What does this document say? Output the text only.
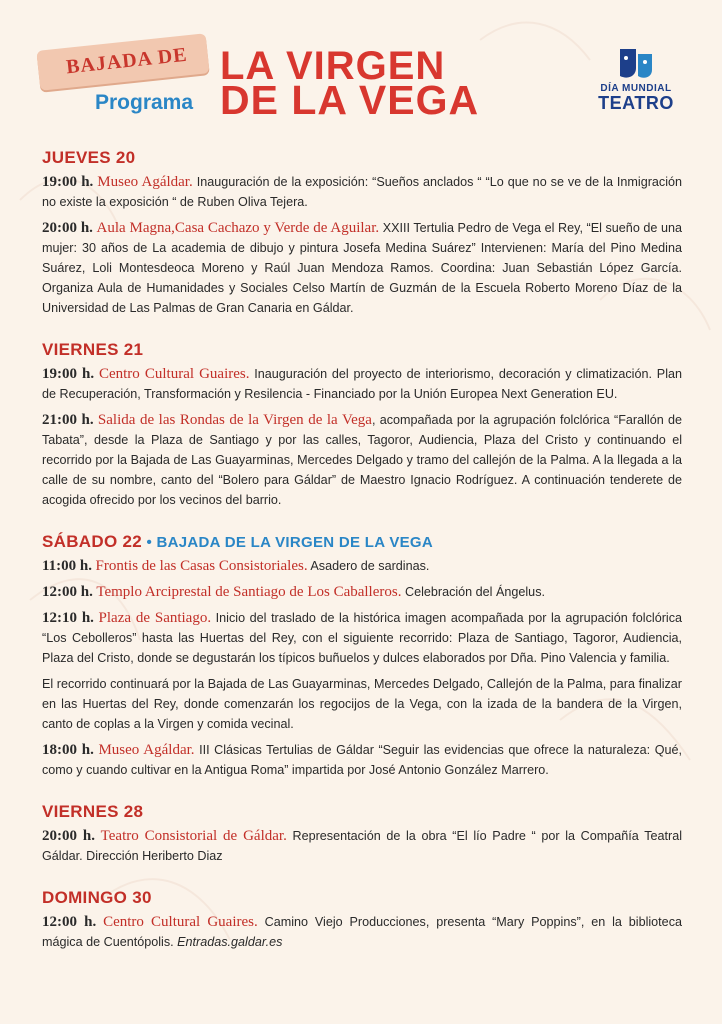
BAJADA DE
Programa
LA VIRGEN
DE LA VEGA	DÍA MUNDIAL
TEATRO
JUEVES 20
19:00 h. Museo Agáldar. Inauguración de la exposición: “Sueños anclados “ “Lo que no se ve de la Inmigración no existe la exposición “ de Ruben Oliva Tejera.
20:00 h. Aula Magna,Casa Cachazo y Verde de Aguilar. XXIII Tertulia Pedro de Vega el Rey, “El sueño de una mujer: 30 años de La academia de dibujo y pintura Josefa Medina Suárez” Intervienen: María del Pino Medina Suárez, Loli Montesdeoca Moreno y Raúl Juan Mendoza Ramos. Coordina: Juan Sebastián López García. Organiza Aula de Humanidades y Sociales Celso Martín de Guzmán de la Escuela Roberto Moreno Díaz de la Universidad de Las Palmas de Gran Canaria en Gáldar.
VIERNES 21
19:00 h. Centro Cultural Guaires. Inauguración del proyecto de interiorismo, decoración y climatización. Plan de Recuperación, Transformación y Resilencia - Financiado por la Unión Europea Next Generation EU.
21:00 h. Salida de las Rondas de la Virgen de la Vega, acompañada por la agrupación folclórica “Farallón de Tabata”, desde la Plaza de Santiago y por las calles, Tagoror, Audiencia, Plaza del Cristo y continuando el recorrido por la Bajada de Las Guayarminas, Mercedes Delgado y tramo del callejón de la Palma. A la llegada a la calle de su nombre, canto del “Bolero para Gáldar” de Maestro Ignacio Rodríguez. A continuación tenderete de acogida ofrecido por los vecinos del barrio.
SÁBADO 22 • BAJADA DE LA VIRGEN DE LA VEGA
11:00 h. Frontis de las Casas Consistoriales. Asadero de sardinas.
12:00 h. Templo Arciprestal de Santiago de Los Caballeros. Celebración del Ángelus.
12:10 h. Plaza de Santiago. Inicio del traslado de la histórica imagen acompañada por la agrupación folclórica “Los Cebolleros” hasta las Huertas del Rey, con el siguiente recorrido: Plaza de Santiago, Tagoror, Audiencia, Plaza del Cristo, donde se degustarán los típicos buñuelos y dulces elaborados por Dña. Pino Valencia y familia.
El recorrido continuará por la Bajada de Las Guayarminas, Mercedes Delgado, Callejón de la Palma, para finalizar en las Huertas del Rey, donde comenzarán los regocijos de la Vega, con la izada de la bandera de la Virgen, canto de coplas a la Virgen y comida vecinal.
18:00 h. Museo Agáldar. III Clásicas Tertulias de Gáldar “Seguir las evidencias que ofrece la naturaleza: Qué, como y cuando cultivar en la Antigua Roma” impartida por José Antonio González Marrero.
VIERNES 28
20:00 h. Teatro Consistorial de Gáldar. Representación de la obra “El lío Padre “ por la Compañía Teatral Gáldar. Dirección Heriberto Diaz
DOMINGO 30
12:00 h. Centro Cultural Guaires. Camino Viejo Producciones, presenta “Mary Poppins”, en la biblioteca mágica de Cuentópolis. Entradas.galdar.es
